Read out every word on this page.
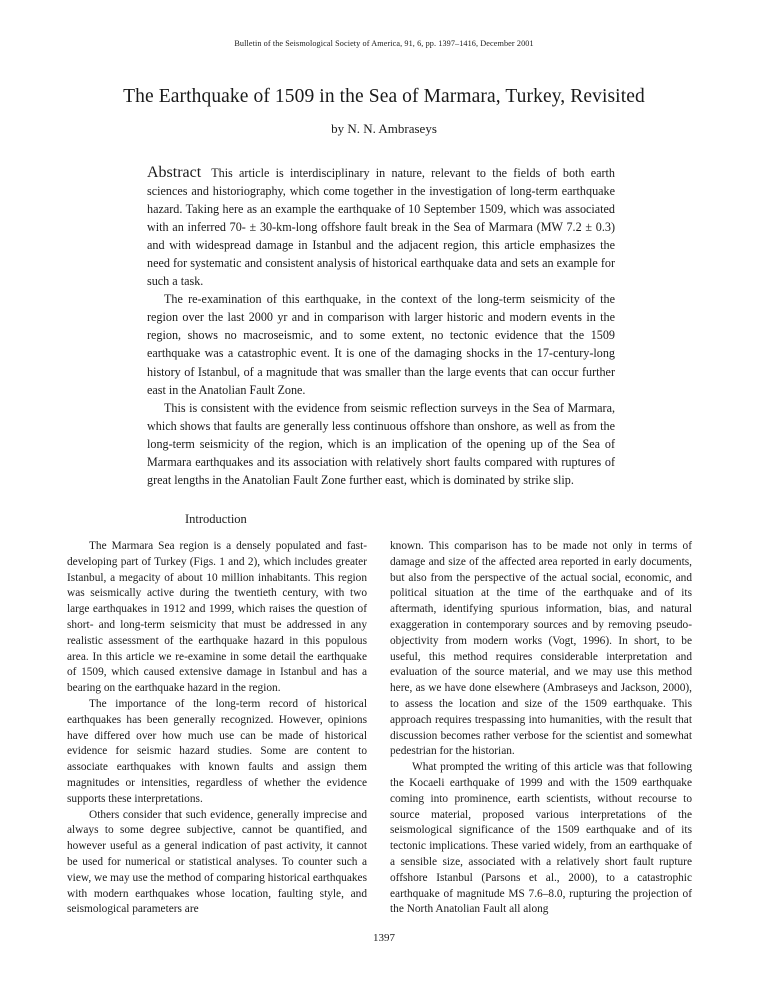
Bulletin of the Seismological Society of America, 91, 6, pp. 1397–1416, December 2001
The Earthquake of 1509 in the Sea of Marmara, Turkey, Revisited
by N. N. Ambraseys

Abstract This article is interdisciplinary in nature, relevant to the fields of both earth sciences and historiography, which come together in the investigation of long-term earthquake hazard. Taking here as an example the earthquake of 10 September 1509, which was associated with an inferred 70- ± 30-km-long offshore fault break in the Sea of Marmara (MW 7.2 ± 0.3) and with widespread damage in Istanbul and the adjacent region, this article emphasizes the need for systematic and consistent analysis of historical earthquake data and sets an example for such a task.

The re-examination of this earthquake, in the context of the long-term seismicity of the region over the last 2000 yr and in comparison with larger historic and modern events in the region, shows no macroseismic, and to some extent, no tectonic evidence that the 1509 earthquake was a catastrophic event. It is one of the damaging shocks in the 17-century-long history of Istanbul, of a magnitude that was smaller than the large events that can occur further east in the Anatolian Fault Zone.

This is consistent with the evidence from seismic reflection surveys in the Sea of Marmara, which shows that faults are generally less continuous offshore than onshore, as well as from the long-term seismicity of the region, which is an implication of the opening up of the Sea of Marmara earthquakes and its association with relatively short faults compared with ruptures of great lengths in the Anatolian Fault Zone further east, which is dominated by strike slip.

Introduction

The Marmara Sea region is a densely populated and fast-developing part of Turkey (Figs. 1 and 2), which includes greater Istanbul, a megacity of about 10 million inhabitants. This region was seismically active during the twentieth century, with two large earthquakes in 1912 and 1999, which raises the question of short- and long-term seismicity that must be addressed in any realistic assessment of the earthquake hazard in this populous area. In this article we re-examine in some detail the earthquake of 1509, which caused extensive damage in Istanbul and has a bearing on the earthquake hazard in the region.

The importance of the long-term record of historical earthquakes has been generally recognized. However, opinions have differed over how much use can be made of historical evidence for seismic hazard studies. Some are content to associate earthquakes with known faults and assign them magnitudes or intensities, regardless of whether the evidence supports these interpretations.

Others consider that such evidence, generally imprecise and always to some degree subjective, cannot be quantified, and however useful as a general indication of past activity, it cannot be used for numerical or statistical analyses. To counter such a view, we may use the method of comparing historical earthquakes with modern earthquakes whose location, faulting style, and seismological parameters are

known. This comparison has to be made not only in terms of damage and size of the affected area reported in early documents, but also from the perspective of the actual social, economic, and political situation at the time of the earthquake and of its aftermath, identifying spurious information, bias, and natural exaggeration in contemporary sources and by removing pseudo-objectivity from modern works (Vogt, 1996). In short, to be useful, this method requires considerable interpretation and evaluation of the source material, and we may use this method here, as we have done elsewhere (Ambraseys and Jackson, 2000), to assess the location and size of the 1509 earthquake. This approach requires trespassing into humanities, with the result that discussion becomes rather verbose for the scientist and somewhat pedestrian for the historian.

What prompted the writing of this article was that following the Kocaeli earthquake of 1999 and with the 1509 earthquake coming into prominence, earth scientists, without recourse to source material, proposed various interpretations of the seismological significance of the 1509 earthquake and of its tectonic implications. These varied widely, from an earthquake of a sensible size, associated with a relatively short fault rupture offshore Istanbul (Parsons et al., 2000), to a catastrophic earthquake of magnitude MS 7.6–8.0, rupturing the projection of the North Anatolian Fault all along

1397
